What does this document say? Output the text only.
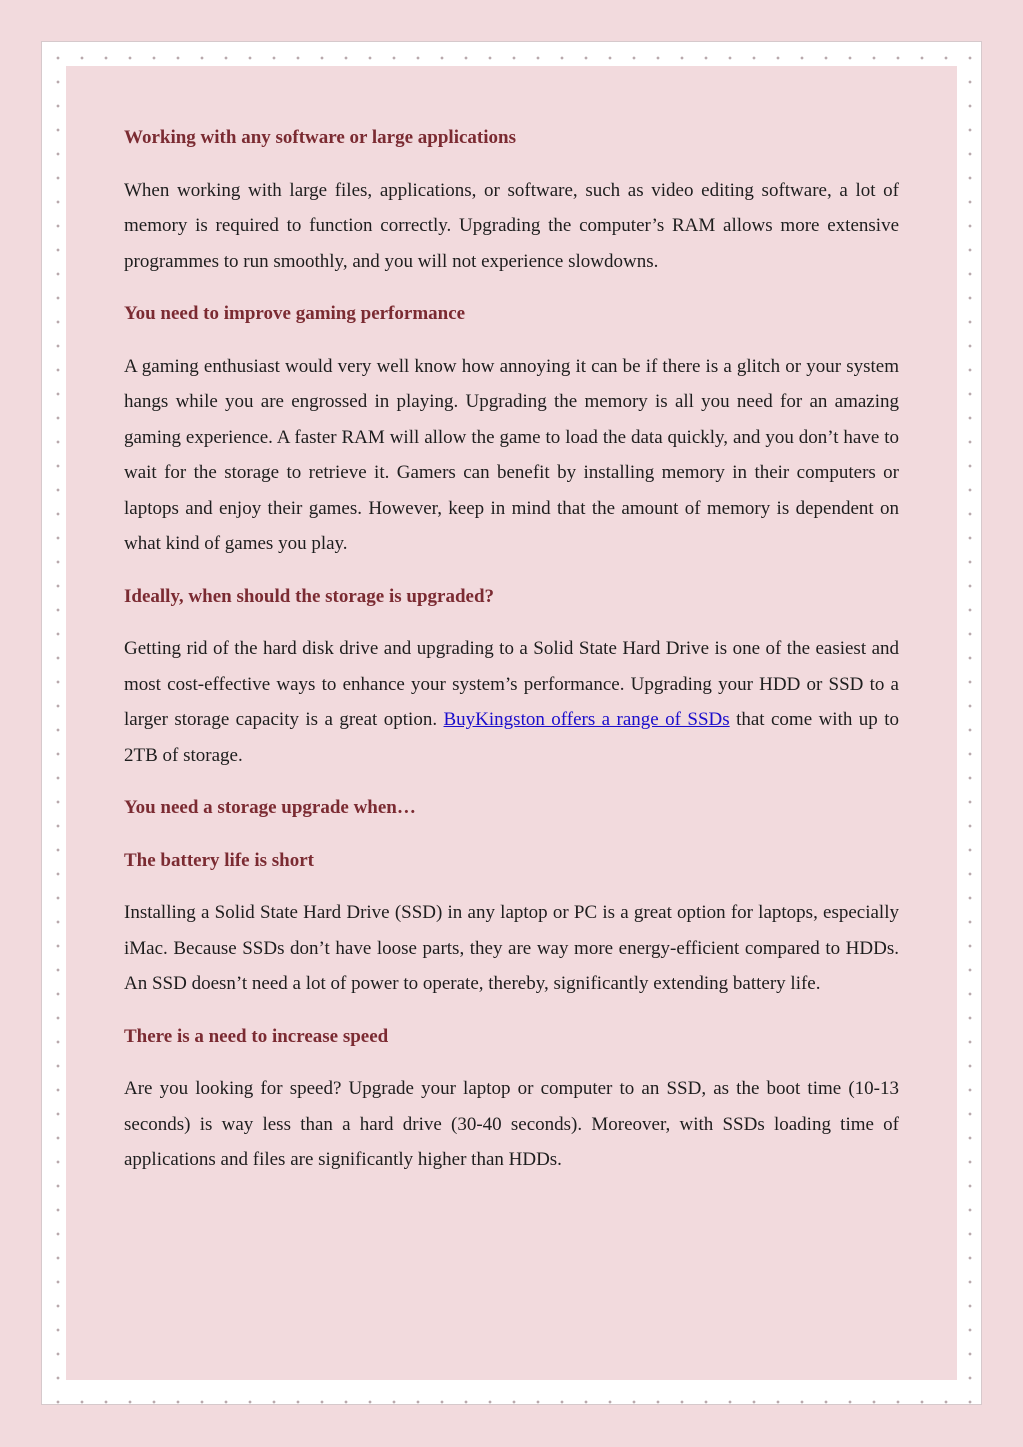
Working with any software or large applications

When working with large files, applications, or software, such as video editing software, a lot of memory is required to function correctly. Upgrading the computer’s RAM allows more extensive programmes to run smoothly, and you will not experience slowdowns.

You need to improve gaming performance

A gaming enthusiast would very well know how annoying it can be if there is a glitch or your system hangs while you are engrossed in playing. Upgrading the memory is all you need for an amazing gaming experience. A faster RAM will allow the game to load the data quickly, and you don’t have to wait for the storage to retrieve it. Gamers can benefit by installing memory in their computers or laptops and enjoy their games. However, keep in mind that the amount of memory is dependent on what kind of games you play.

Ideally, when should the storage is upgraded?

Getting rid of the hard disk drive and upgrading to a Solid State Hard Drive is one of the easiest and most cost-effective ways to enhance your system’s performance. Upgrading your HDD or SSD to a larger storage capacity is a great option. BuyKingston offers a range of SSDs that come with up to 2TB of storage.

You need a storage upgrade when…
The battery life is short

Installing a Solid State Hard Drive (SSD) in any laptop or PC is a great option for laptops, especially iMac. Because SSDs don’t have loose parts, they are way more energy-efficient compared to HDDs. An SSD doesn’t need a lot of power to operate, thereby, significantly extending battery life.

There is a need to increase speed

Are you looking for speed? Upgrade your laptop or computer to an SSD, as the boot time (10-13 seconds) is way less than a hard drive (30-40 seconds). Moreover, with SSDs loading time of applications and files are significantly higher than HDDs.
